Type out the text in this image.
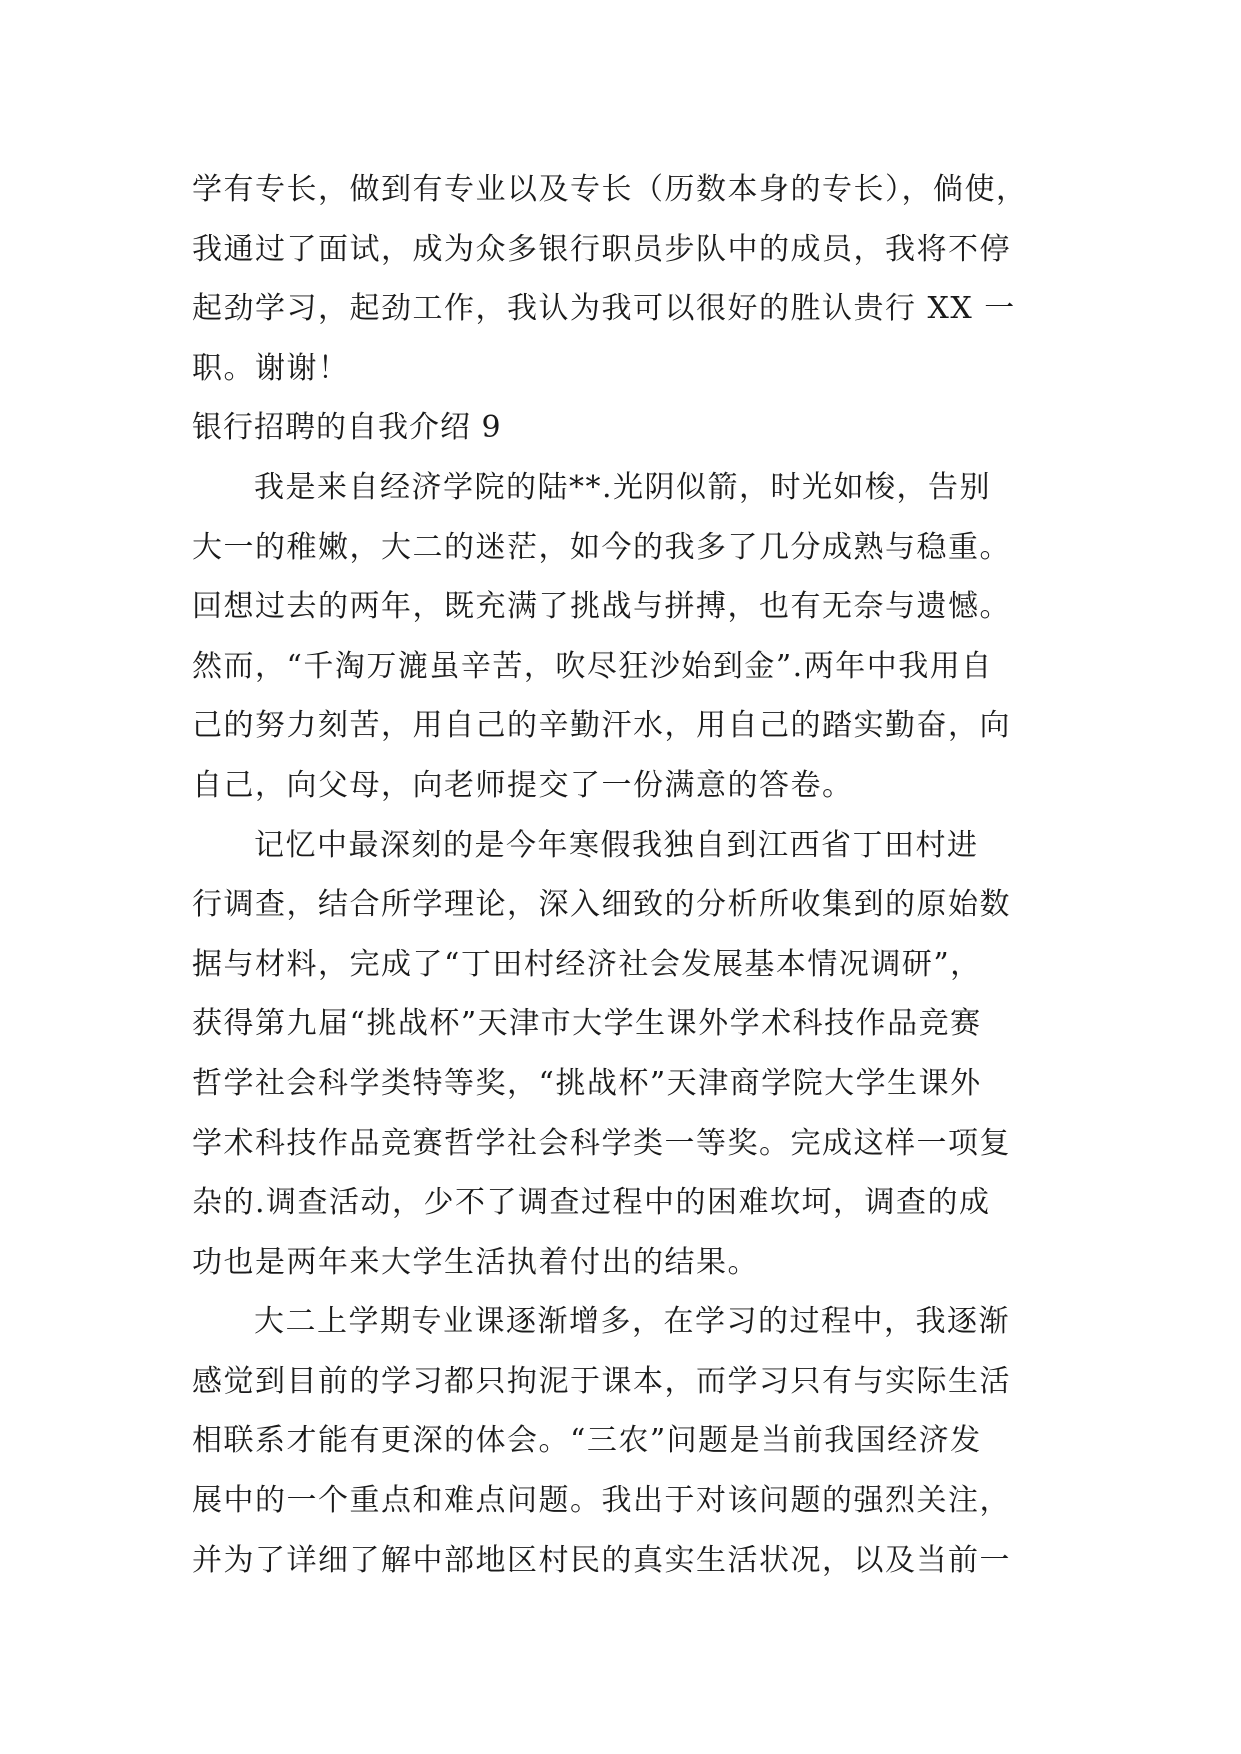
学有专长，做到有专业以及专长（历数本身的专长），倘使，
我通过了面试，成为众多银行职员步队中的成员，我将不停
起劲学习，起劲工作，我认为我可以很好的胜认贵行 XX 一
职。谢谢！
银行招聘的自我介绍 9
我是来自经济学院的陆**.光阴似箭，时光如梭，告别
大一的稚嫩，大二的迷茫，如今的我多了几分成熟与稳重。
回想过去的两年，既充满了挑战与拼搏，也有无奈与遗憾。
然而，“千淘万漉虽辛苦，吹尽狂沙始到金”.两年中我用自
己的努力刻苦，用自己的辛勤汗水，用自己的踏实勤奋，向
自己，向父母，向老师提交了一份满意的答卷。
记忆中最深刻的是今年寒假我独自到江西省丁田村进
行调查，结合所学理论，深入细致的分析所收集到的原始数
据与材料，完成了“丁田村经济社会发展基本情况调研”，
获得第九届“挑战杯”天津市大学生课外学术科技作品竞赛
哲学社会科学类特等奖，“挑战杯”天津商学院大学生课外
学术科技作品竞赛哲学社会科学类一等奖。完成这样一项复
杂的.调查活动，少不了调查过程中的困难坎坷，调查的成
功也是两年来大学生活执着付出的结果。
大二上学期专业课逐渐增多，在学习的过程中，我逐渐
感觉到目前的学习都只拘泥于课本，而学习只有与实际生活
相联系才能有更深的体会。“三农”问题是当前我国经济发
展中的一个重点和难点问题。我出于对该问题的强烈关注，
并为了详细了解中部地区村民的真实生活状况，以及当前一
